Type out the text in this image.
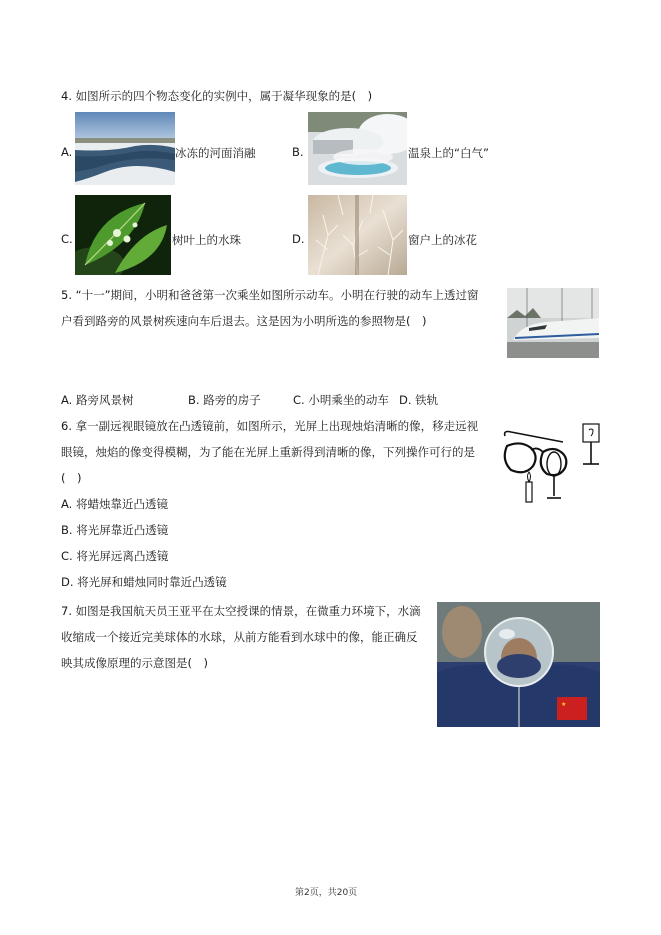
4. 如图所示的四个物态变化的实例中，属于凝华现象的是(　)
A.	冰冻的河面消融	B.	温泉上的“白气”
C.	树叶上的水珠	D.	窗户上的冰花
5. “十一”期间，小明和爸爸第一次乘坐如图所示动车。小明在行驶的动车上透过窗
户看到路旁的风景树疾速向车后退去。这是因为小明所选的参照物是(　)
A. 路旁风景树	B. 路旁的房子	C. 小明乘坐的动车 D. 铁轨
6. 拿一副远视眼镜放在凸透镜前，如图所示，光屏上出现烛焰清晰的像，移走远视
眼镜，烛焰的像变得模糊，为了能在光屏上重新得到清晰的像，下列操作可行的是
(　)
A. 将蜡烛靠近凸透镜
B. 将光屏靠近凸透镜
C. 将光屏远离凸透镜
D. 将光屏和蜡烛同时靠近凸透镜
7. 如图是我国航天员王亚平在太空授课的情景，在微重力环境下，水滴
收缩成一个接近完美球体的水球，从前方能看到水球中的像，能正确反
映其成像原理的示意图是(　)
★
第2页，共20页
